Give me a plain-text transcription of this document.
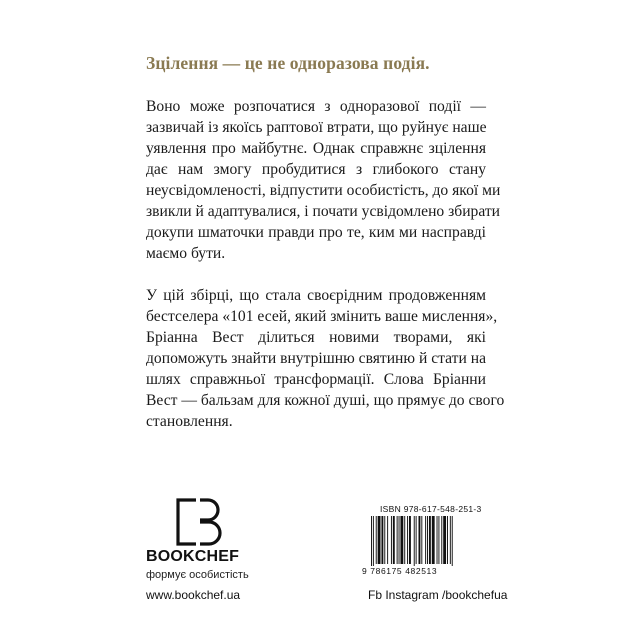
Зцілення — це не одноразова подія.
Воно може розпочатися з одноразової події —
зазвичай із якоїсь раптової втрати, що руйнує наше
уявлення про майбутнє. Однак справжнє зцілення
дає нам змогу пробудитися з глибокого стану
неусвідомленості, відпустити особистість, до якої ми
звикли й адаптувалися, і почати усвідомлено збирати
докупи шматочки правди про те, ким ми насправді
маємо бути.
У цій збірці, що стала своєрідним продовженням
бестселера «101 есей, який змінить ваше мислення»,
Бріанна Вест ділиться новими творами, які
допоможуть знайти внутрішню святиню й стати на
шлях справжньої трансформації. Слова Бріанни
Вест — бальзам для кожної душі, що прямує до свого
становлення.
BOOKCHEF
формує особистість
www.bookchef.ua	Fb Instagram /bookchefua
ISBN 978-617-548-251-3
9 786175 482513
